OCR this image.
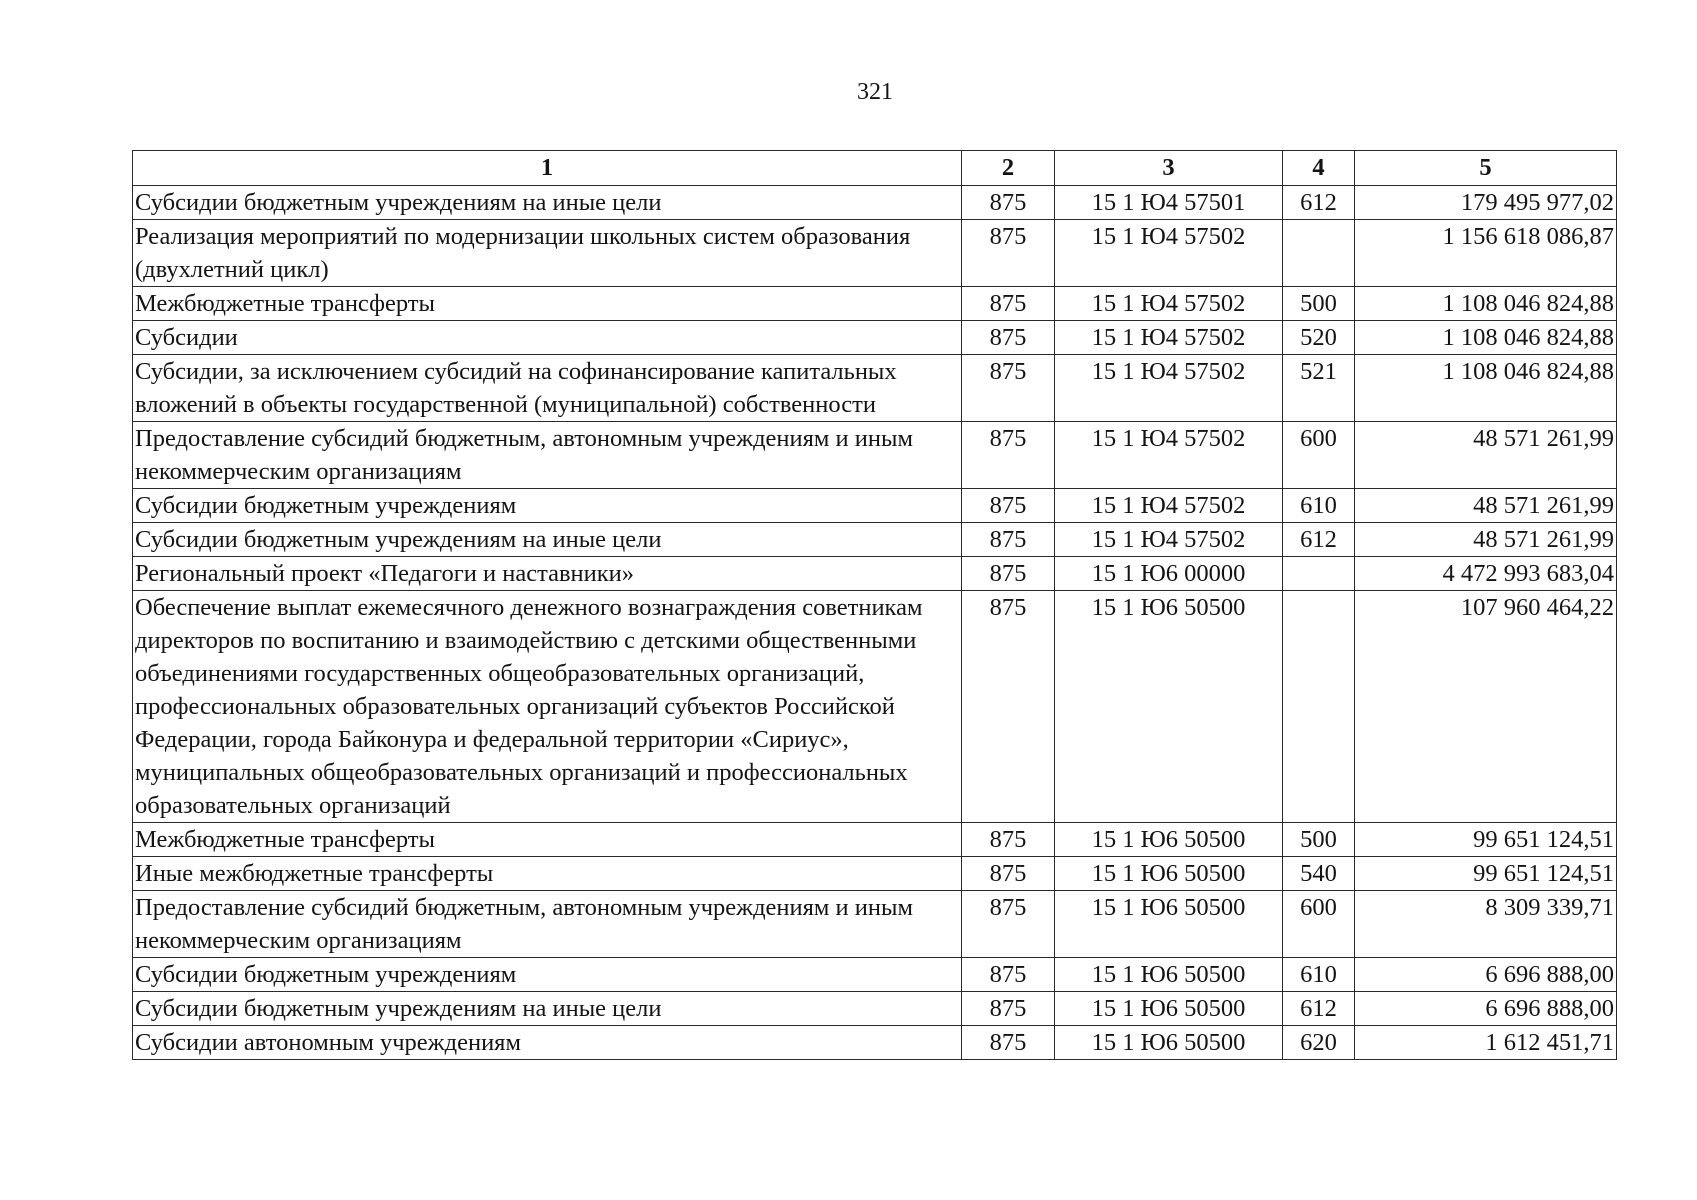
321
1	2	3	4	5
Субсидии бюджетным учреждениям на иные цели	875	15 1 Ю4 57501	612	179 495 977,02
Реализация мероприятий по модернизации школьных систем образования (двухлетний цикл)	875	15 1 Ю4 57502		1 156 618 086,87
Межбюджетные трансферты	875	15 1 Ю4 57502	500	1 108 046 824,88
Субсидии	875	15 1 Ю4 57502	520	1 108 046 824,88
Субсидии, за исключением субсидий на софинансирование капитальных вложений в объекты государственной (муниципальной) собственности	875	15 1 Ю4 57502	521	1 108 046 824,88
Предоставление субсидий бюджетным, автономным учреждениям и иным некоммерческим организациям	875	15 1 Ю4 57502	600	48 571 261,99
Субсидии бюджетным учреждениям	875	15 1 Ю4 57502	610	48 571 261,99
Субсидии бюджетным учреждениям на иные цели	875	15 1 Ю4 57502	612	48 571 261,99
Региональный проект «Педагоги и наставники»	875	15 1 Ю6 00000		4 472 993 683,04
Обеспечение выплат ежемесячного денежного вознаграждения советникам директоров по воспитанию и взаимодействию с детскими общественными объединениями государственных общеобразовательных организаций, профессиональных образовательных организаций субъектов Российской Федерации, города Байконура и федеральной территории «Сириус», муниципальных общеобразовательных организаций и профессиональных образовательных организаций	875	15 1 Ю6 50500		107 960 464,22
Межбюджетные трансферты	875	15 1 Ю6 50500	500	99 651 124,51
Иные межбюджетные трансферты	875	15 1 Ю6 50500	540	99 651 124,51
Предоставление субсидий бюджетным, автономным учреждениям и иным некоммерческим организациям	875	15 1 Ю6 50500	600	8 309 339,71
Субсидии бюджетным учреждениям	875	15 1 Ю6 50500	610	6 696 888,00
Субсидии бюджетным учреждениям на иные цели	875	15 1 Ю6 50500	612	6 696 888,00
Субсидии автономным учреждениям	875	15 1 Ю6 50500	620	1 612 451,71
